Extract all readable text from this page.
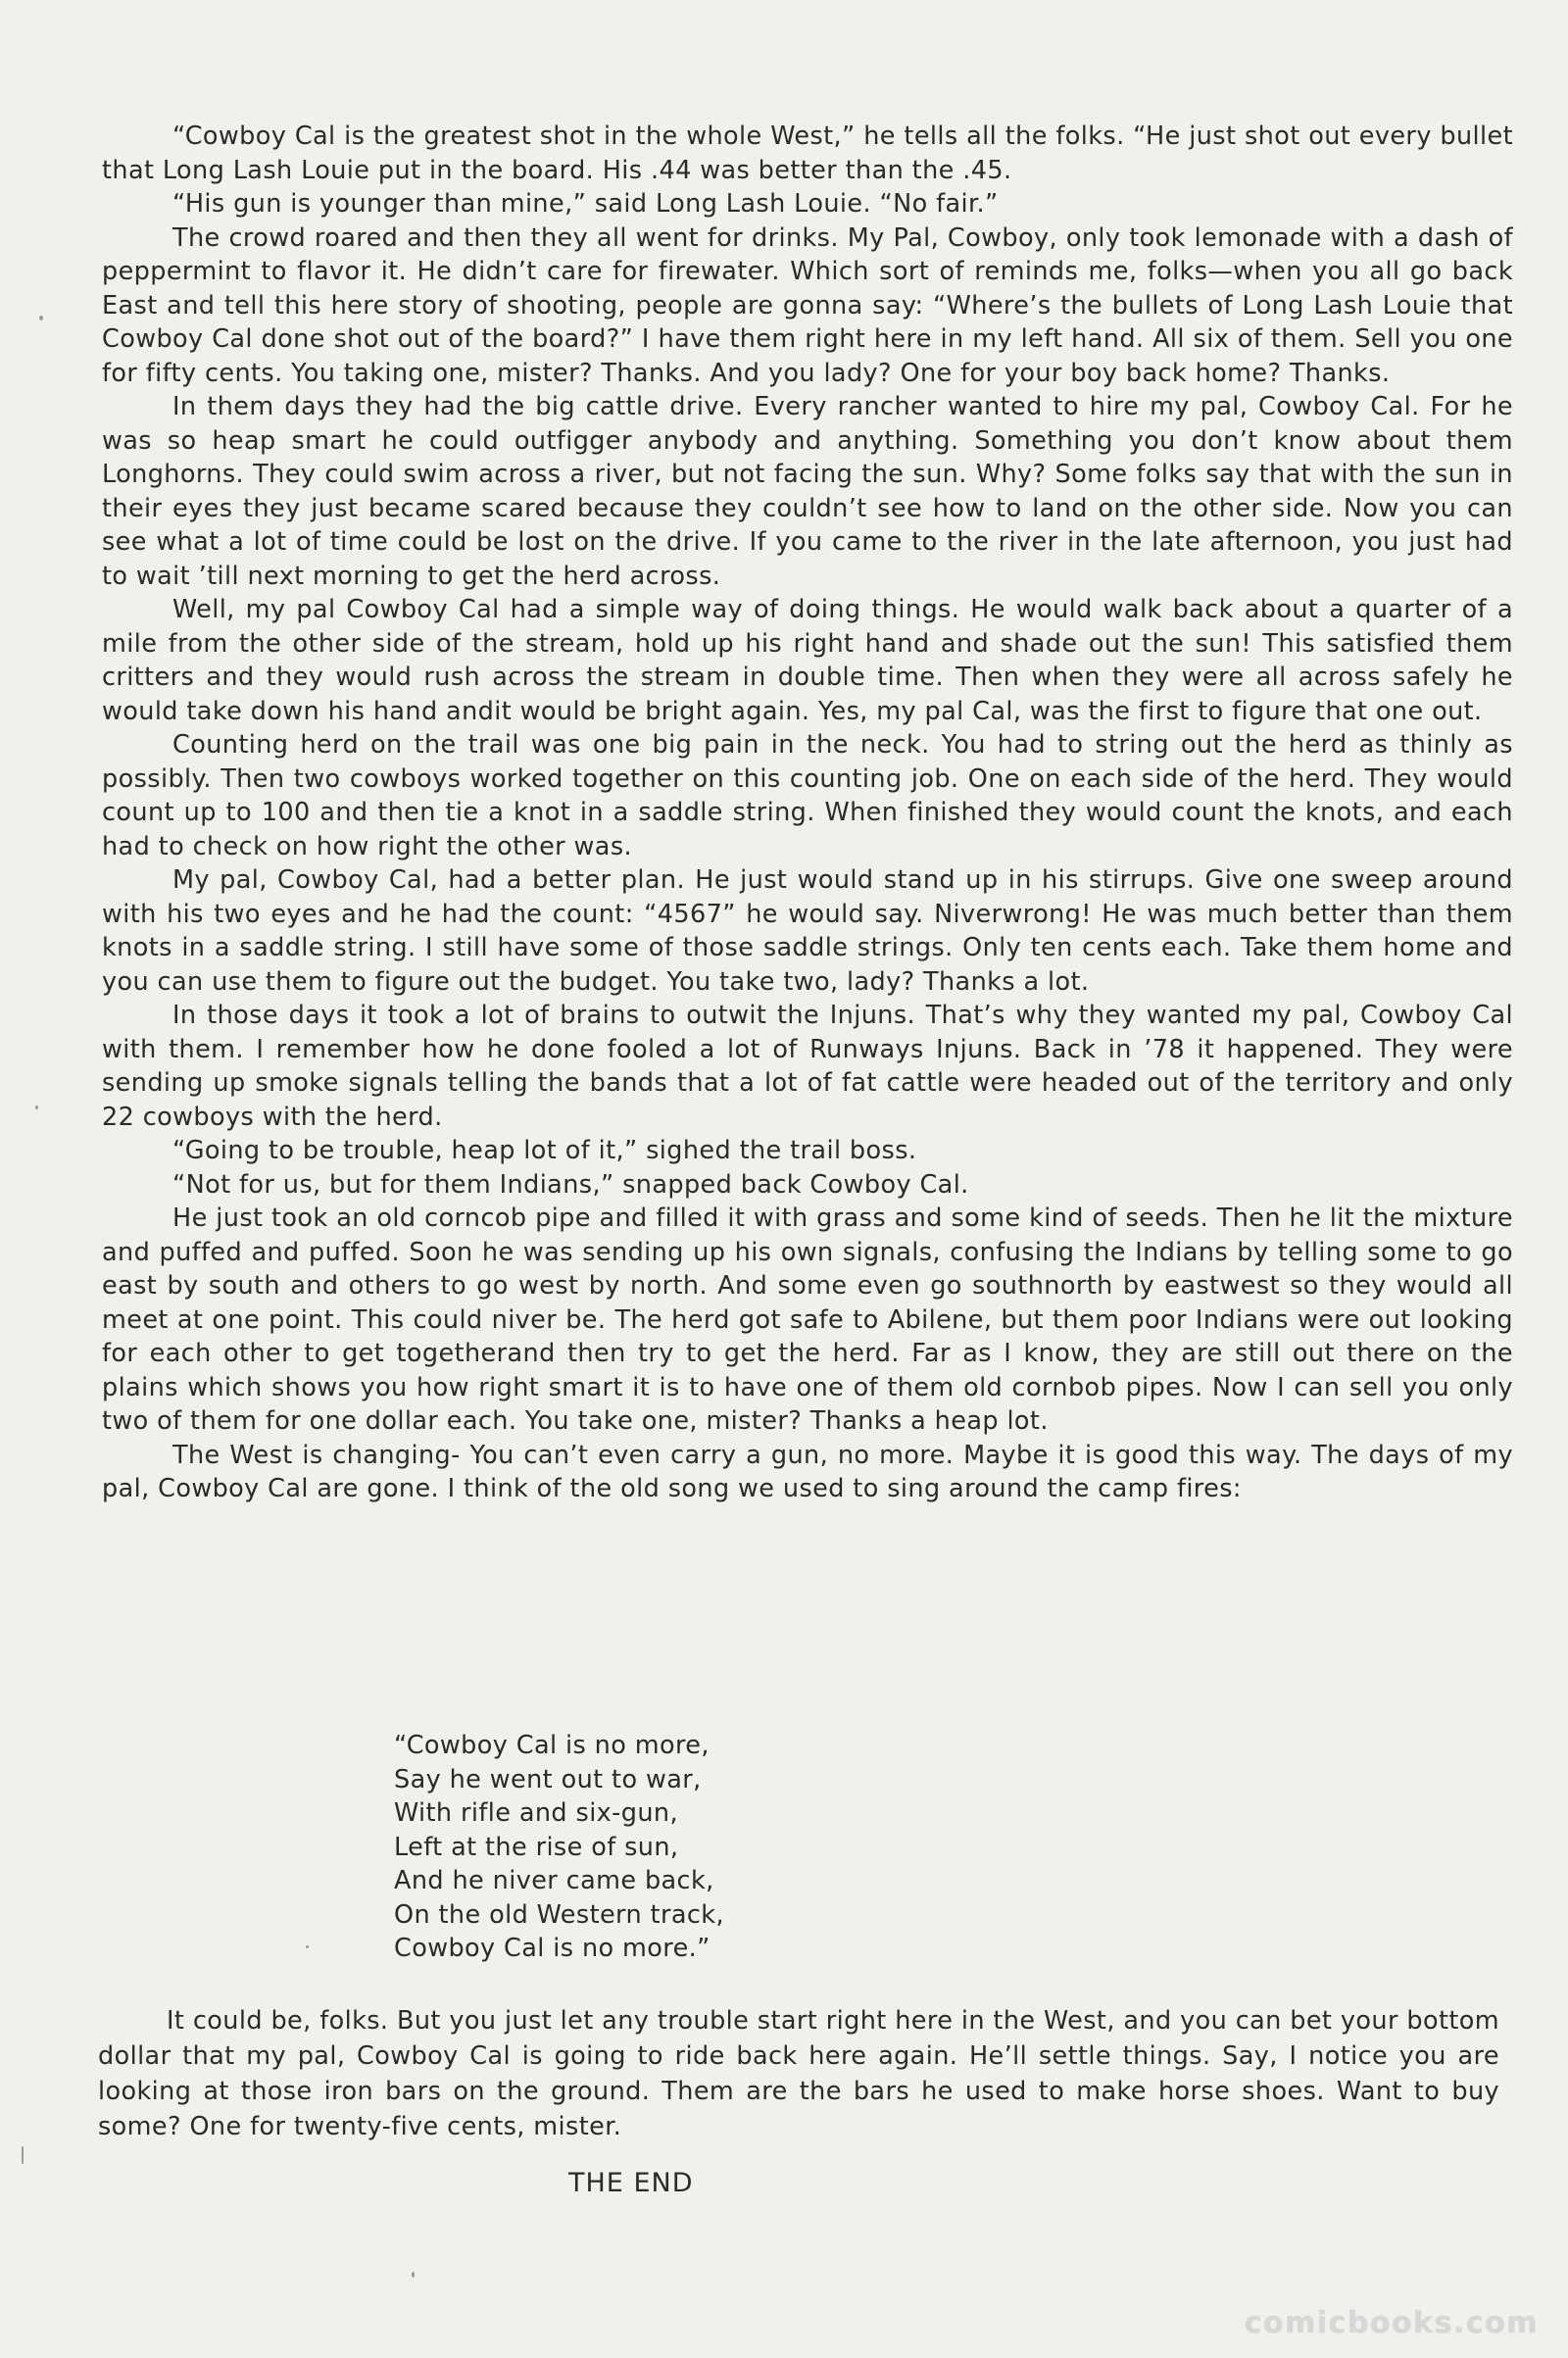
“Cowboy Cal is the greatest shot in the whole West,” he tells all the folks. “He just shot out every bullet that Long Lash Louie put in the board. His .44 was better than the .45.

“His gun is younger than mine,” said Long Lash Louie. “No fair.”

The crowd roared and then they all went for drinks. My Pal, Cowboy, only took lemonade with a dash of peppermint to flavor it. He didn’t care for firewater. Which sort of reminds me, folks—when you all go back East and tell this here story of shooting, people are gonna say: “Where’s the bullets of Long Lash Louie that Cowboy Cal done shot out of the board?” I have them right here in my left hand. All six of them. Sell you one for fifty cents. You taking one, mister? Thanks. And you lady? One for your boy back home? Thanks.

In them days they had the big cattle drive. Every rancher wanted to hire my pal, Cowboy Cal. For he was so heap smart he could outfigger anybody and anything. Something you don’t know about them Longhorns. They could swim across a river, but not facing the sun. Why? Some folks say that with the sun in their eyes they just became scared because they couldn’t see how to land on the other side. Now you can see what a lot of time could be lost on the drive. If you came to the river in the late afternoon, you just had to wait ’till next morning to get the herd across.

Well, my pal Cowboy Cal had a simple way of doing things. He would walk back about a quarter of a mile from the other side of the stream, hold up his right hand and shade out the sun! This satisfied them critters and they would rush across the stream in double time. Then when they were all across safely he would take down his hand andit would be bright again. Yes, my pal Cal, was the first to figure that one out.

Counting herd on the trail was one big pain in the neck. You had to string out the herd as thinly as possibly. Then two cowboys worked together on this counting job. One on each side of the herd. They would count up to 100 and then tie a knot in a saddle string. When finished they would count the knots, and each had to check on how right the other was.

My pal, Cowboy Cal, had a better plan. He just would stand up in his stirrups. Give one sweep around with his two eyes and he had the count: “4567” he would say. Niverwrong! He was much better than them knots in a saddle string. I still have some of those saddle strings. Only ten cents each. Take them home and you can use them to figure out the budget. You take two, lady? Thanks a lot.

In those days it took a lot of brains to outwit the Injuns. That’s why they wanted my pal, Cowboy Cal with them. I remember how he done fooled a lot of Runways Injuns. Back in ’78 it happened. They were sending up smoke signals telling the bands that a lot of fat cattle were headed out of the territory and only 22 cowboys with the herd.

“Going to be trouble, heap lot of it,” sighed the trail boss.

“Not for us, but for them Indians,” snapped back Cowboy Cal.

He just took an old corncob pipe and filled it with grass and some kind of seeds. Then he lit the mixture and puffed and puffed. Soon he was sending up his own signals, confusing the Indians by telling some to go east by south and others to go west by north. And some even go southnorth by eastwest so they would all meet at one point. This could niver be. The herd got safe to Abilene, but them poor Indians were out looking for each other to get togetherand then try to get the herd. Far as I know, they are still out there on the plains which shows you how right smart it is to have one of them old cornbob pipes. Now I can sell you only two of them for one dollar each. You take one, mister? Thanks a heap lot.

The West is changing- You can’t even carry a gun, no more. Maybe it is good this way. The days of my pal, Cowboy Cal are gone. I think of the old song we used to sing around the camp fires:

“Cowboy Cal is no more,
Say he went out to war,
With rifle and six-gun,
Left at the rise of sun,
And he niver came back,
On the old Western track,
Cowboy Cal is no more.”

It could be, folks. But you just let any trouble start right here in the West, and you can bet your bottom dollar that my pal, Cowboy Cal is going to ride back here again. He’ll settle things. Say, I notice you are looking at those iron bars on the ground. Them are the bars he used to make horse shoes. Want to buy some? One for twenty-five cents, mister.

THE END
comicbooks.com
